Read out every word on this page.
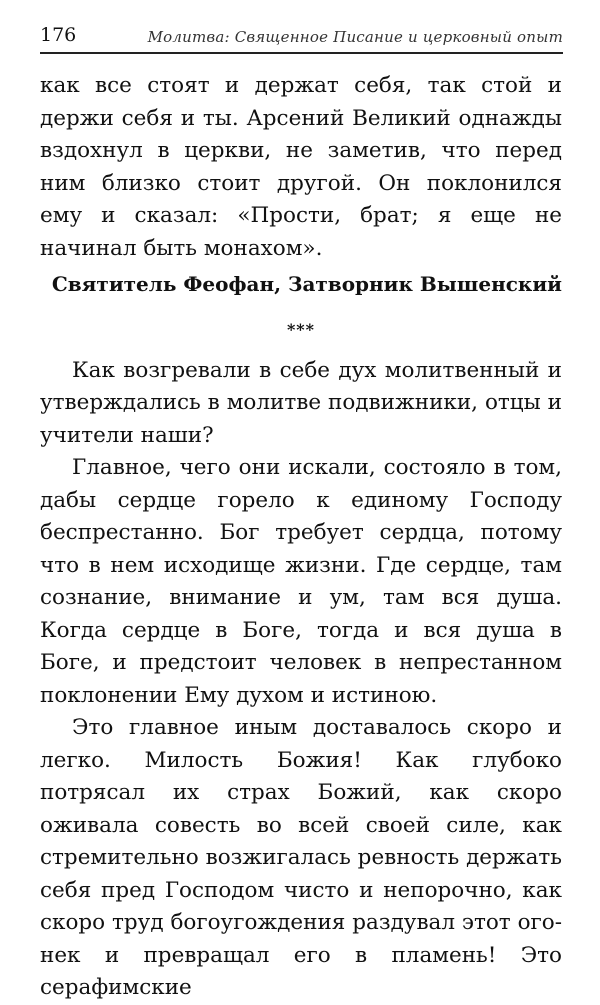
176	Молитва: Священное Писание и церковный опыт

как все стоят и держат себя, так стой и держи себя и ты. Арсений Великий однажды вздохнул в церкви, не заметив, что перед ним близко стоит другой. Он поклонился ему и сказал: «Прости, брат; я еще не начинал быть монахом».

Святитель Феофан, Затворник Вышенский

***

Как возгревали в себе дух молитвенный и утверждались в молитве подвижники, отцы и учители наши?

Главное, чего они искали, состояло в том, дабы сердце горело к единому Господу беспрестанно. Бог требует сердца, потому что в нем исходище жизни. Где сердце, там сознание, внимание и ум, там вся душа. Когда сердце в Боге, тогда и вся душа в Боге, и предстоит человек в непрестанном поклонении Ему духом и истиною.

Это главное иным доставалось скоро и легко. Милость Божия! Как глубоко потрясал их страх Божий, как скоро оживала совесть во всей своей силе, как стремительно возжигалась ревность держать себя пред Господом чисто и непорочно, как скоро труд богоугождения раздувал этот огонек и превращал его в пламень! Это серафимские
